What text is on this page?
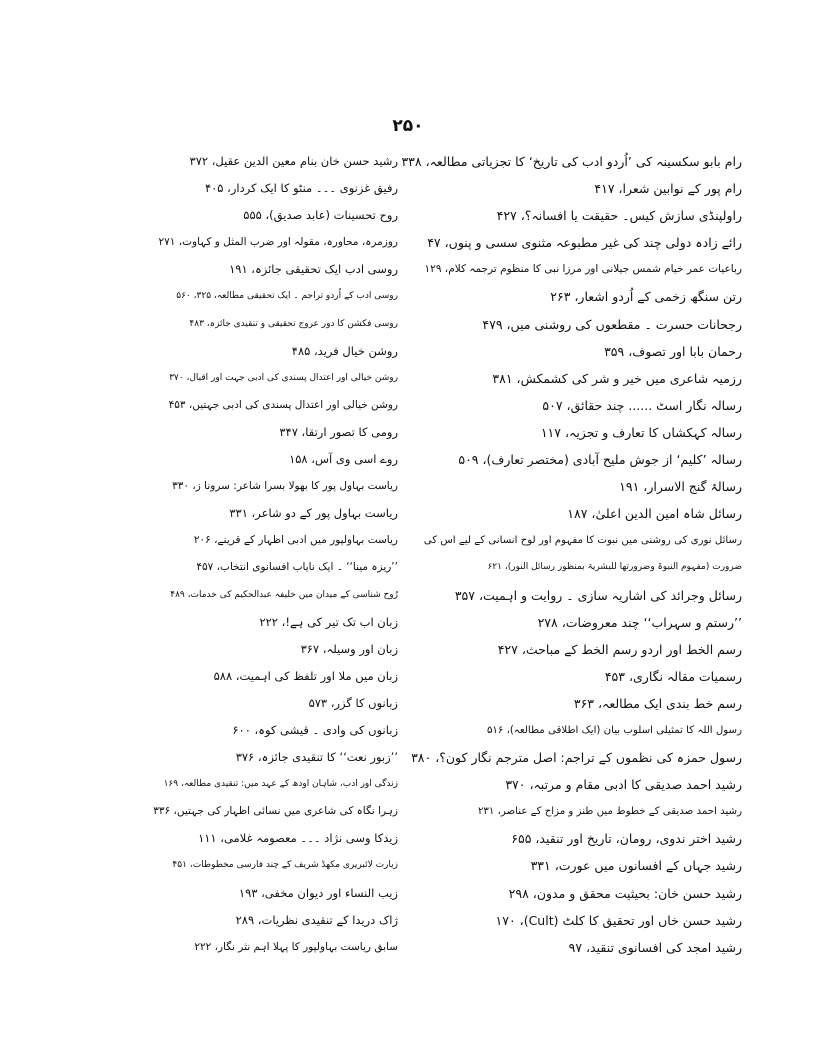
۲۵۰
رام بابو سکسینہ کی ’اُردو ادب کی تاریخ‘ کا تجزیاتی مطالعہ، ۳۳۸
رام پور کے نوابین شعرا، ۴۱۷
راولپنڈی سازش کیس۔ حقیقت یا افسانہ؟، ۴۲۷
رائے زادہ دولی چند کی غیر مطبوعہ مثنوی سسی و پنوں، ۴۷
رباعیات عمر خیام شمس جیلانی اور مرزا نبی کا منظوم ترجمہ کلام، ۱۲۹
رتن سنگھ زخمی کے اُردو اشعار، ۲۶۳
رجحانات حسرت ۔ مقطعوں کی روشنی میں، ۴۷۹
رحمان بابا اور تصوف، ۳۵۹
رزمیہ شاعری میں خیر و شر کی کشمکش، ۳۸۱
رسالہ نگار اسٹ ...... چند حقائق، ۵۰۷
رسالہ کہکشاں کا تعارف و تجزیہ، ۱۱۷
رسالہ ’کلیم‘ از جوش ملیح آبادی (مختصر تعارف)، ۵۰۹
رسالۂ گنج الاسرار، ۱۹۱
رسائل شاہ امین الدین اعلیٰ، ۱۸۷
رسائل نوری کی روشنی میں نبوت کا مفہوم اور لوح انسانی کے لیے اس کی
ضرورت (مفہوم النبوۃ وضرورتھا للبشریۃ بمنظور رسائل النور)، ۶۲۱
رسائل وجرائد کی اشاریہ سازی ۔ روایت و اہمیت، ۳۵۷
’’رستم و سہراب‘‘ چند معروضات، ۲۷۸
رسم الخط اور اردو رسم الخط کے مباحث، ۴۲۷
رسمیات مقالہ نگاری، ۴۵۳
رسم خط بندی ایک مطالعہ، ۳۶۳
رسول اللہ کا تمثیلی اسلوب بیان (ایک اطلاقی مطالعہ)، ۵۱۶
رسول حمزہ کی نظموں کے تراجم: اصل مترجم نگار کون؟، ۳۸۰
رشید احمد صدیقی کا ادبی مقام و مرتبہ، ۳۷۰
رشید احمد صدیقی کے خطوط میں طنز و مزاح کے عناصر، ۲۳۱
رشید اختر ندوی، رومان، تاریخ اور تنقید، ۶۵۵
رشید جہاں کے افسانوں میں عورت، ۳۳۱
رشید حسن خان: بحیثیت محقق و مدون، ۲۹۸
رشید حسن خاں اور تحقیق کا کلٹ (Cult)، ۱۷۰
رشید امجد کی افسانوی تنقید، ۹۷
رشید حسن خان بنام معین الدین عقیل، ۳۷۲
رفیق غزنوی ۔۔۔ منٹو کا ایک کردار، ۴۰۵
روح تحسینات (عابد صدیق)، ۵۵۵
روزمرہ، محاورہ، مقولہ اور ضرب المثل و کہاوت، ۲۷۱
روسی ادب ایک تحقیقی جائزہ، ۱۹۱
روسی ادب کے اُردو تراجم ۔ ایک تحقیقی مطالعہ، ۳۲۵، ۵۶۰
روسی فکشن کا دور عروج تحقیقی و تنقیدی جائزہ، ۴۸۳
روشن خیال فرید، ۴۸۵
روشن خیالی اور اعتدال پسندی کی ادبی جہت اور اقبال، ۳۷۰
روشن خیالی اور اعتدال پسندی کی ادبی جہتیں، ۴۵۳
رومی کا تصور ارتقا، ۳۴۷
روے اسی وی آس، ۱۵۸
ریاست بہاول پور کا بھولا بسرا شاعر: سرونا ز، ۳۳۰
ریاست بہاول پور کے دو شاعر، ۳۳۱
ریاست بہاولپور میں ادبی اظہار کے قرینے، ۲۰۶
’’ریزہ مینا‘‘ ۔ ایک نایاب افسانوی انتخاب، ۴۵۷
رُوح شناسی کے میدان میں خلیفہ عبدالحکیم کی خدمات، ۴۸۹
زبان اب تک تیر کی ہے!، ۲۲۲
زبان اور وسیلہ، ۳۶۷
زبان میں ملا اور تلفظ کی اہمیت، ۵۸۸
زبانوں کا گزر، ۵۷۳
زبانوں کی وادی ۔ قیشی کوہ، ۶۰۰
’’زبور نعت‘‘ کا تنقیدی جائزہ، ۳۷۶
زندگی اور ادب، شاہان اودھ کے عہد میں: تنقیدی مطالعہ، ۱۶۹
زہرا نگاہ کی شاعری میں نسائی اظہار کی جہتیں، ۳۳۶
زیدکا وسی نژاد ۔۔۔ معصومہ غلامی، ۱۱۱
زیارت لائبریری مکھڈ شریف کے چند فارسی مخطوطات، ۴۵۱
زیب النساء اور دیوان مخفی، ۱۹۳
ژاک دریدا کے تنقیدی نظریات، ۲۸۹
سابق ریاست بہاولپور کا پہلا اہم نثر نگار، ۲۲۲
